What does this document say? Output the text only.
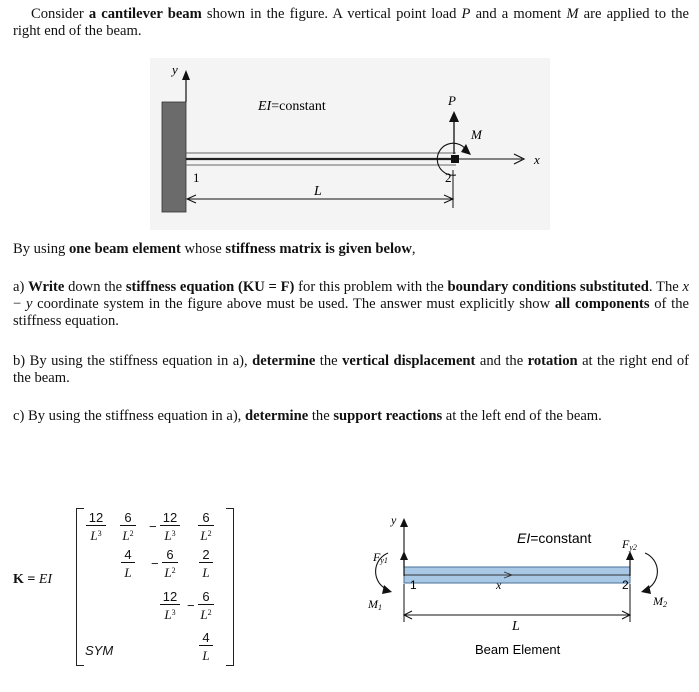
Consider a cantilever beam shown in the figure. A vertical point load P and a moment M are applied to the right end of the beam.
y
x
P
M
EI=constant
1	2
L
By using one beam element whose stiffness matrix is given below,
a) Write down the stiffness equation (KU = F) for this problem with the boundary conditions substituted. The x − y coordinate system in the figure above must be used. The answer must explicitly show all components of the stiffness equation.
b) By using the stiffness equation in a), determine the vertical displacement and the rotation at the right end of the beam.
c) By using the stiffness equation in a), determine the support reactions at the left end of the beam.
K = EI
12
$L^3$
6
$L^2$ −
12
$L^3$
6
$L^2$
4
L
−
6
$L^2$
2
L
12
$L^3$ −
6
$L^2$
4
L
SYM
y
x
EI=constant
Fy1
M1
1
Fy2
M2
2
L
Beam Element
